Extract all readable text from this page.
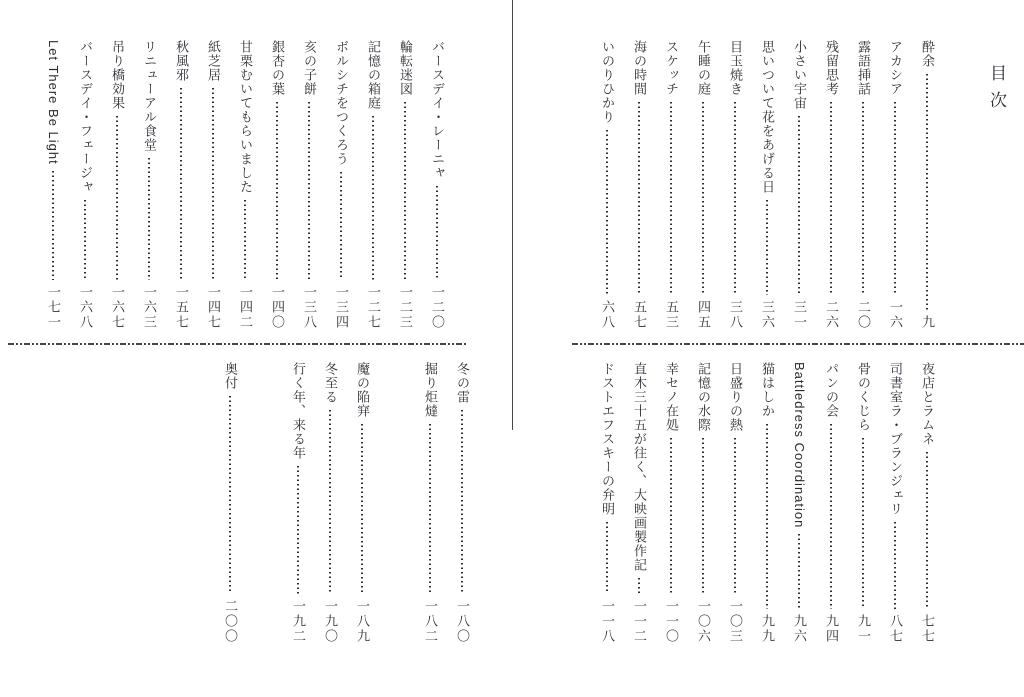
目次
酔余
九
アカシア
一六
露語挿話
二〇
残留思考
二六
小さい宇宙
三一
思いついて花をあげる日
三六
目玉焼き
三八
午睡の庭
四五
スケッチ
五三
海の時間
五七
いのりひかり
六八
夜店とラムネ
七七
司書室ラ・ブランジェリ
八七
骨のくじら
九一
パンの会
九四
Battledress Coordination
九六
猫はしか
九九
日盛りの熱
一〇三
記憶の水際
一〇六
幸セノ在処
一一〇
直木三十五が往く、大映画製作記
一一二
ドストエフスキーの弁明
一一八
バースデイ・レーニャ
一二〇
輪転迷図
一二三
記憶の箱庭
一二七
ボルシチをつくろう
一三四
亥の子餅
一三八
銀杏の葉
一四〇
甘栗むいてもらいました
一四二
紙芝居
一四七
秋風邪
一五七
リニューアル食堂
一六三
吊り橋効果
一六七
バースデイ・フェージャ
一六八
Let There Be Light
一七一
冬の雷
一八〇
掘り炬燵
一八二
魔の陥穽
一八九
冬至る
一九〇
行く年、来る年
一九二
奥付
二〇〇
